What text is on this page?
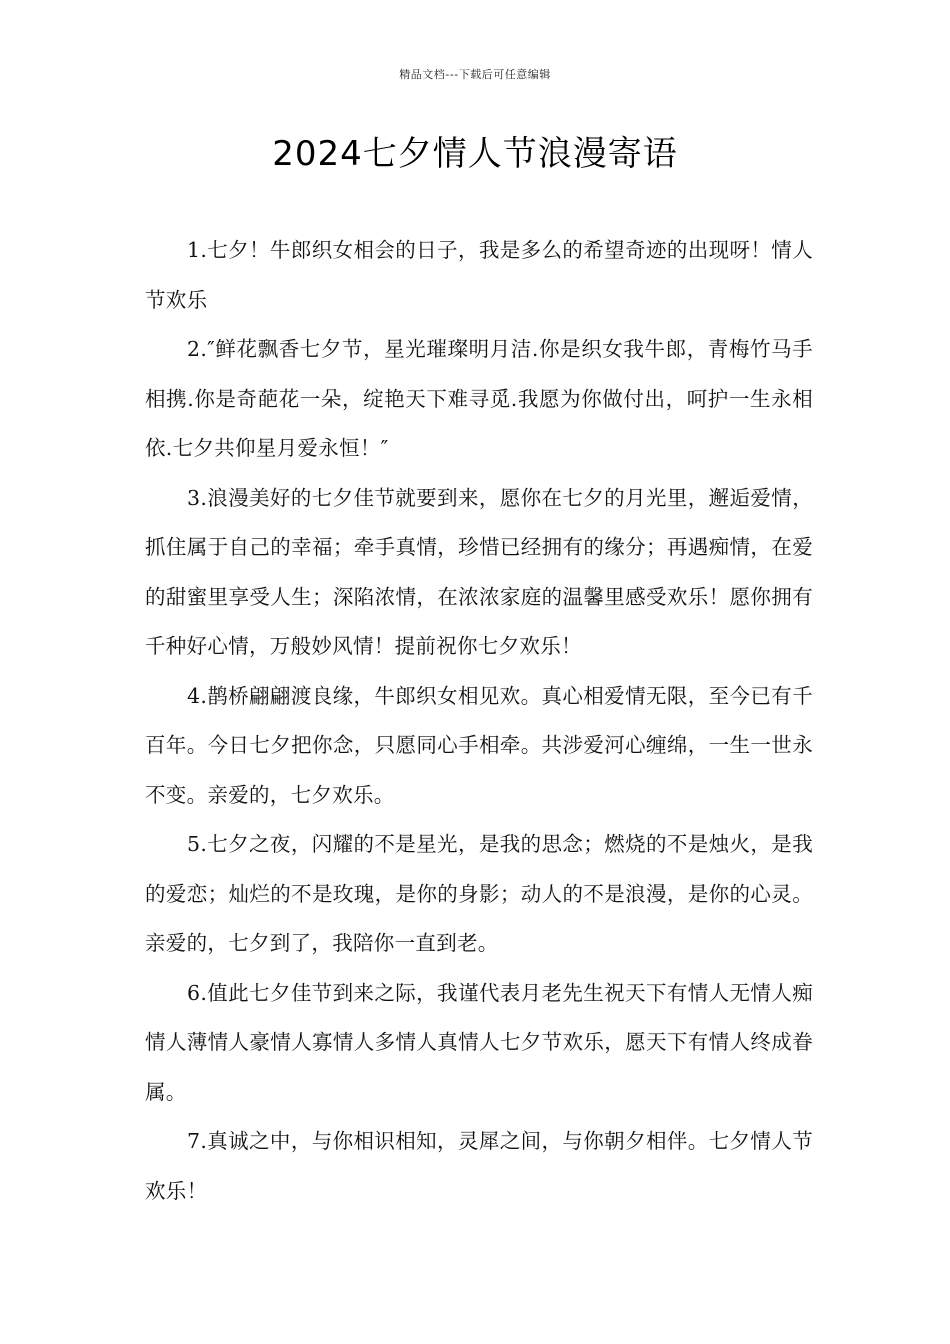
精品文档---下载后可任意编辑
2024七夕情人节浪漫寄语

1.七夕！牛郎织女相会的日子，我是多么的希望奇迹的出现呀！情人节欢乐

2.″鲜花飘香七夕节，星光璀璨明月洁.你是织女我牛郎，青梅竹马手相携.你是奇葩花一朵，绽艳天下难寻觅.我愿为你做付出，呵护一生永相依.七夕共仰星月爱永恒！″

3.浪漫美好的七夕佳节就要到来，愿你在七夕的月光里，邂逅爱情，抓住属于自己的幸福；牵手真情，珍惜已经拥有的缘分；再遇痴情，在爱的甜蜜里享受人生；深陷浓情，在浓浓家庭的温馨里感受欢乐！愿你拥有千种好心情，万般妙风情！提前祝你七夕欢乐！

4.鹊桥翩翩渡良缘，牛郎织女相见欢。真心相爱情无限，至今已有千百年。今日七夕把你念，只愿同心手相牵。共涉爱河心缠绵，一生一世永不变。亲爱的，七夕欢乐。

5.七夕之夜，闪耀的不是星光，是我的思念；燃烧的不是烛火，是我的爱恋；灿烂的不是玫瑰，是你的身影；动人的不是浪漫，是你的心灵。亲爱的，七夕到了，我陪你一直到老。

6.值此七夕佳节到来之际，我谨代表月老先生祝天下有情人无情人痴情人薄情人豪情人寡情人多情人真情人七夕节欢乐，愿天下有情人终成眷属。

7.真诚之中，与你相识相知，灵犀之间，与你朝夕相伴。七夕情人节欢乐！
